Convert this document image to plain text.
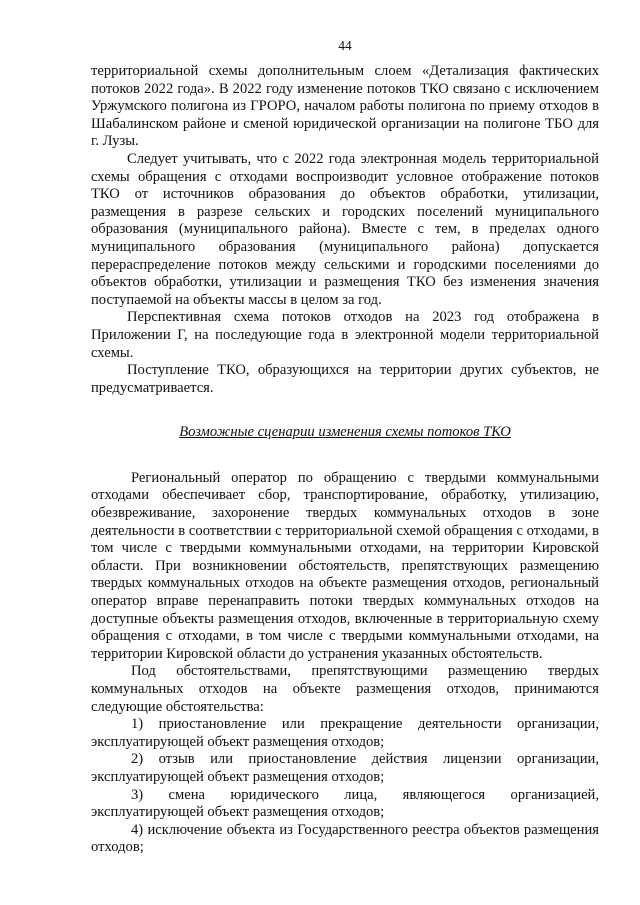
44

территориальной схемы дополнительным слоем «Детализация фактических потоков 2022 года». В 2022 году изменение потоков ТКО связано с исключением Уржумского полигона из ГРОРО, началом работы полигона по приему отходов в Шабалинском районе и сменой юридической организации на полигоне ТБО для г. Лузы.

Следует учитывать, что с 2022 года электронная модель территориальной схемы обращения с отходами воспроизводит условное отображение потоков ТКО от источников образования до объектов обработки, утилизации, размещения в разрезе сельских и городских поселений муниципального образования (муниципального района). Вместе с тем, в пределах одного муниципального образования (муниципального района) допускается перераспределение потоков между сельскими и городскими поселениями до объектов обработки, утилизации и размещения ТКО без изменения значения поступаемой на объекты массы в целом за год.

Перспективная схема потоков отходов на 2023 год отображена в Приложении Г, на последующие года в электронной модели территориальной схемы.

Поступление ТКО, образующихся на территории других субъектов, не предусматривается.

Возможные сценарии изменения схемы потоков ТКО

Региональный оператор по обращению с твердыми коммунальными отходами обеспечивает сбор, транспортирование, обработку, утилизацию, обезвреживание, захоронение твердых коммунальных отходов в зоне деятельности в соответствии с территориальной схемой обращения с отходами, в том числе с твердыми коммунальными отходами, на территории Кировской области. При возникновении обстоятельств, препятствующих размещению твердых коммунальных отходов на объекте размещения отходов, региональный оператор вправе перенаправить потоки твердых коммунальных отходов на доступные объекты размещения отходов, включенные в территориальную схему обращения с отходами, в том числе с твердыми коммунальными отходами, на территории Кировской области до устранения указанных обстоятельств.

Под обстоятельствами, препятствующими размещению твердых коммунальных отходов на объекте размещения отходов, принимаются следующие обстоятельства:

1) приостановление или прекращение деятельности организации, эксплуатирующей объект размещения отходов;

2) отзыв или приостановление действия лицензии организации, эксплуатирующей объект размещения отходов;

3) смена юридического лица, являющегося организацией, эксплуатирующей объект размещения отходов;

4) исключение объекта из Государственного реестра объектов размещения отходов;
